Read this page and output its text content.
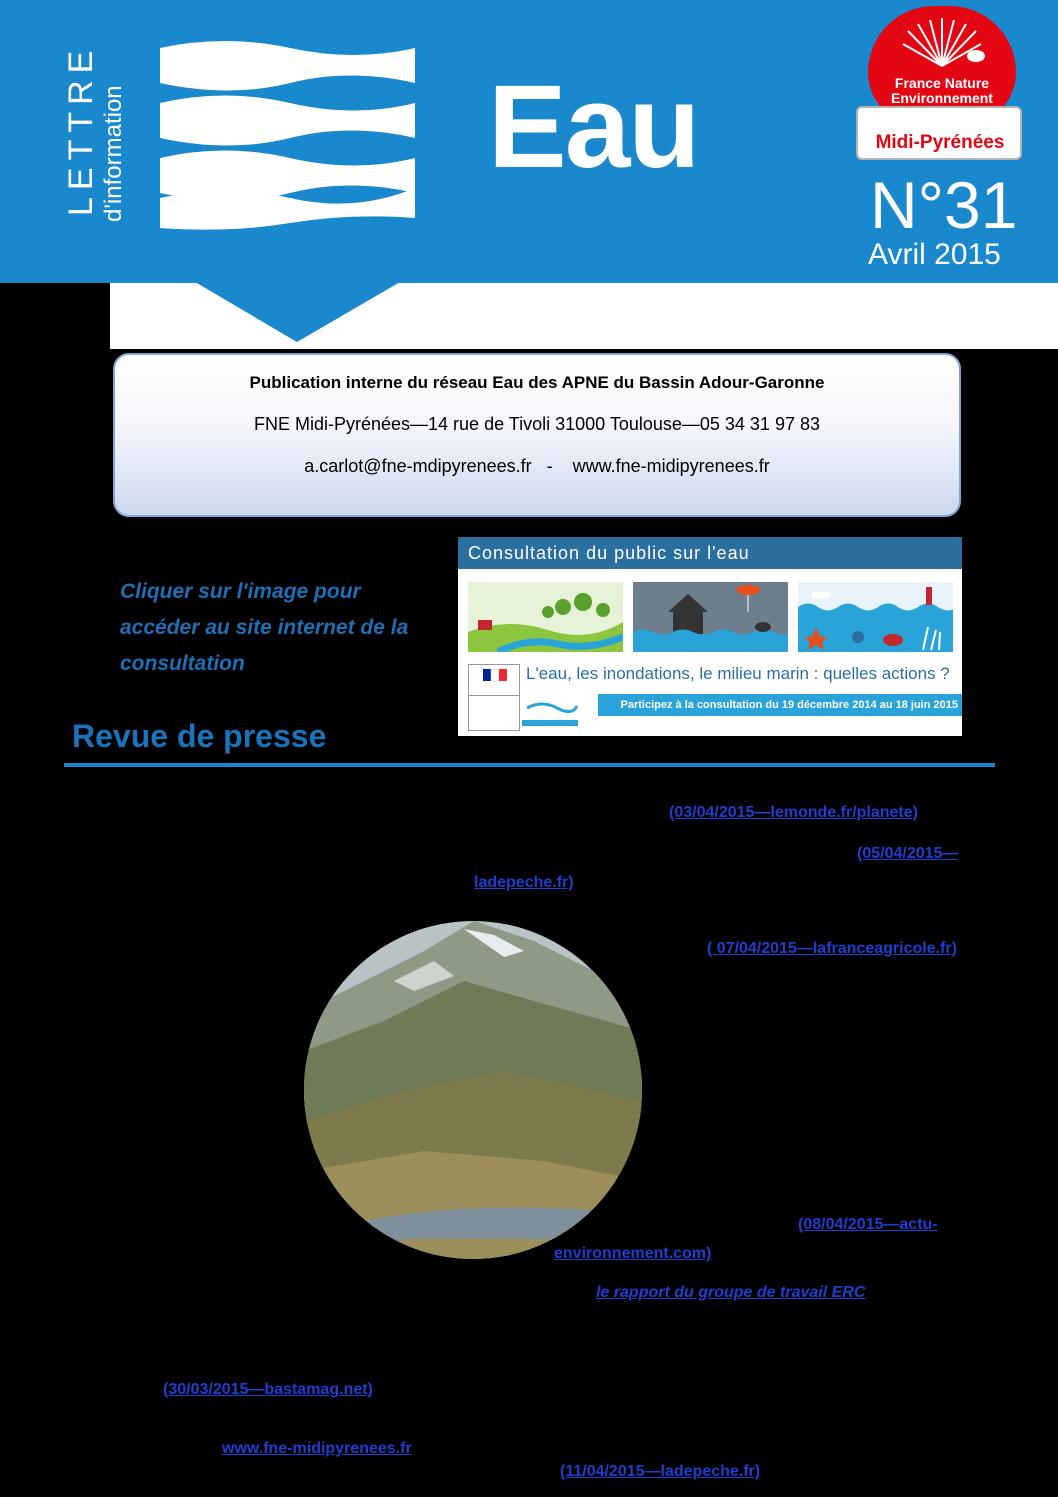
LETTRE d'information	Eau	France Nature Environnement
Midi-Pyrénées
N°31
Avril 2015
Publication interne du réseau Eau des APNE du Bassin Adour-Garonne
FNE Midi-Pyrénées—14 rue de Tivoli 31000 Toulouse—05 34 31 97 83
a.carlot@fne-mdipyrenees.fr   -    www.fne-midipyrenees.fr
Cliquer sur l'image pour accéder au site internet de la consultation
Consultation du public sur l'eau
L'eau, les inondations, le milieu marin : quelles actions ?
Participez à la consultation du 19 décembre 2014 au 18 juin 2015
Revue de presse
(03/04/2015—lemonde.fr/planete)
(05/04/2015—
ladepeche.fr)
( 07/04/2015—lafranceagricole.fr)
(08/04/2015—actu-
environnement.com)
le rapport du groupe de travail ERC
(30/03/2015—bastamag.net)
www.fne-midipyrenees.fr
(11/04/2015—ladepeche.fr)
